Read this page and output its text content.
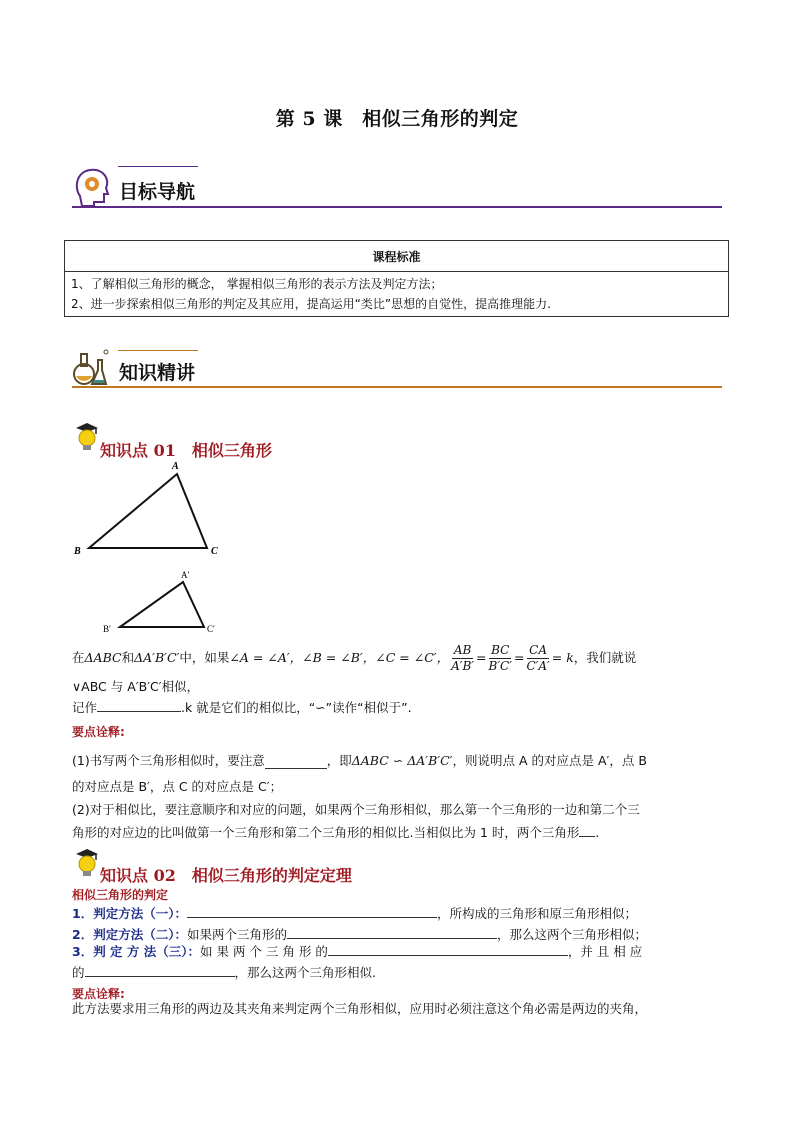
第 5 课　相似三角形的判定
目标导航
课程标准

1、了解相似三角形的概念， 掌握相似三角形的表示方法及判定方法；
2、进一步探索相似三角形的判定及其应用，提高运用“类比”思想的自觉性，提高推理能力.
知识精讲
知识点 01　相似三角形
A
B	C
A′
B′	C′
在 ΔABC 和 ΔA′B′C′ 中，如果 ∠A = ∠A′，∠B = ∠B′，∠C = ∠C′， $\frac{AB}{A'B'} = \frac{BC}{B'C'} = \frac{CA}{C'A'} = k$ ，我们就说
∨ABC 与 A′B′C′相似，
记作	.k 就是它们的相似比，“∽”读作“相似于”.
要点诠释:
(1)书写两个三角形相似时，要注意	，即 ΔABC ∽ ΔA′B′C′ ，则说明点 A 的对应点是 A′，点 B
的对应点是 B′，点 C 的对应点是 C′；
(2)对于相似比，要注意顺序和对应的问题，如果两个三角形相似，那么第一个三角形的一边和第二个三
角形的对应边的比叫做第一个三角形和第二个三角形的相似比.当相似比为 1 时，两个三角形 .
知识点 02　相似三角形的判定定理
相似三角形的判定
1．判定方法（一）：	，所构成的三角形和原三角形相似；
2．判定方法（二）：如果两个三角形的	，那么这两个三角形相似；
3．判 定 方 法（三）：如 果 两 个 三 角 形 的	，并 且 相 应
的	，那么这两个三角形相似.
要点诠释:
此方法要求用三角形的两边及其夹角来判定两个三角形相似，应用时必须注意这个角必需是两边的夹角，
